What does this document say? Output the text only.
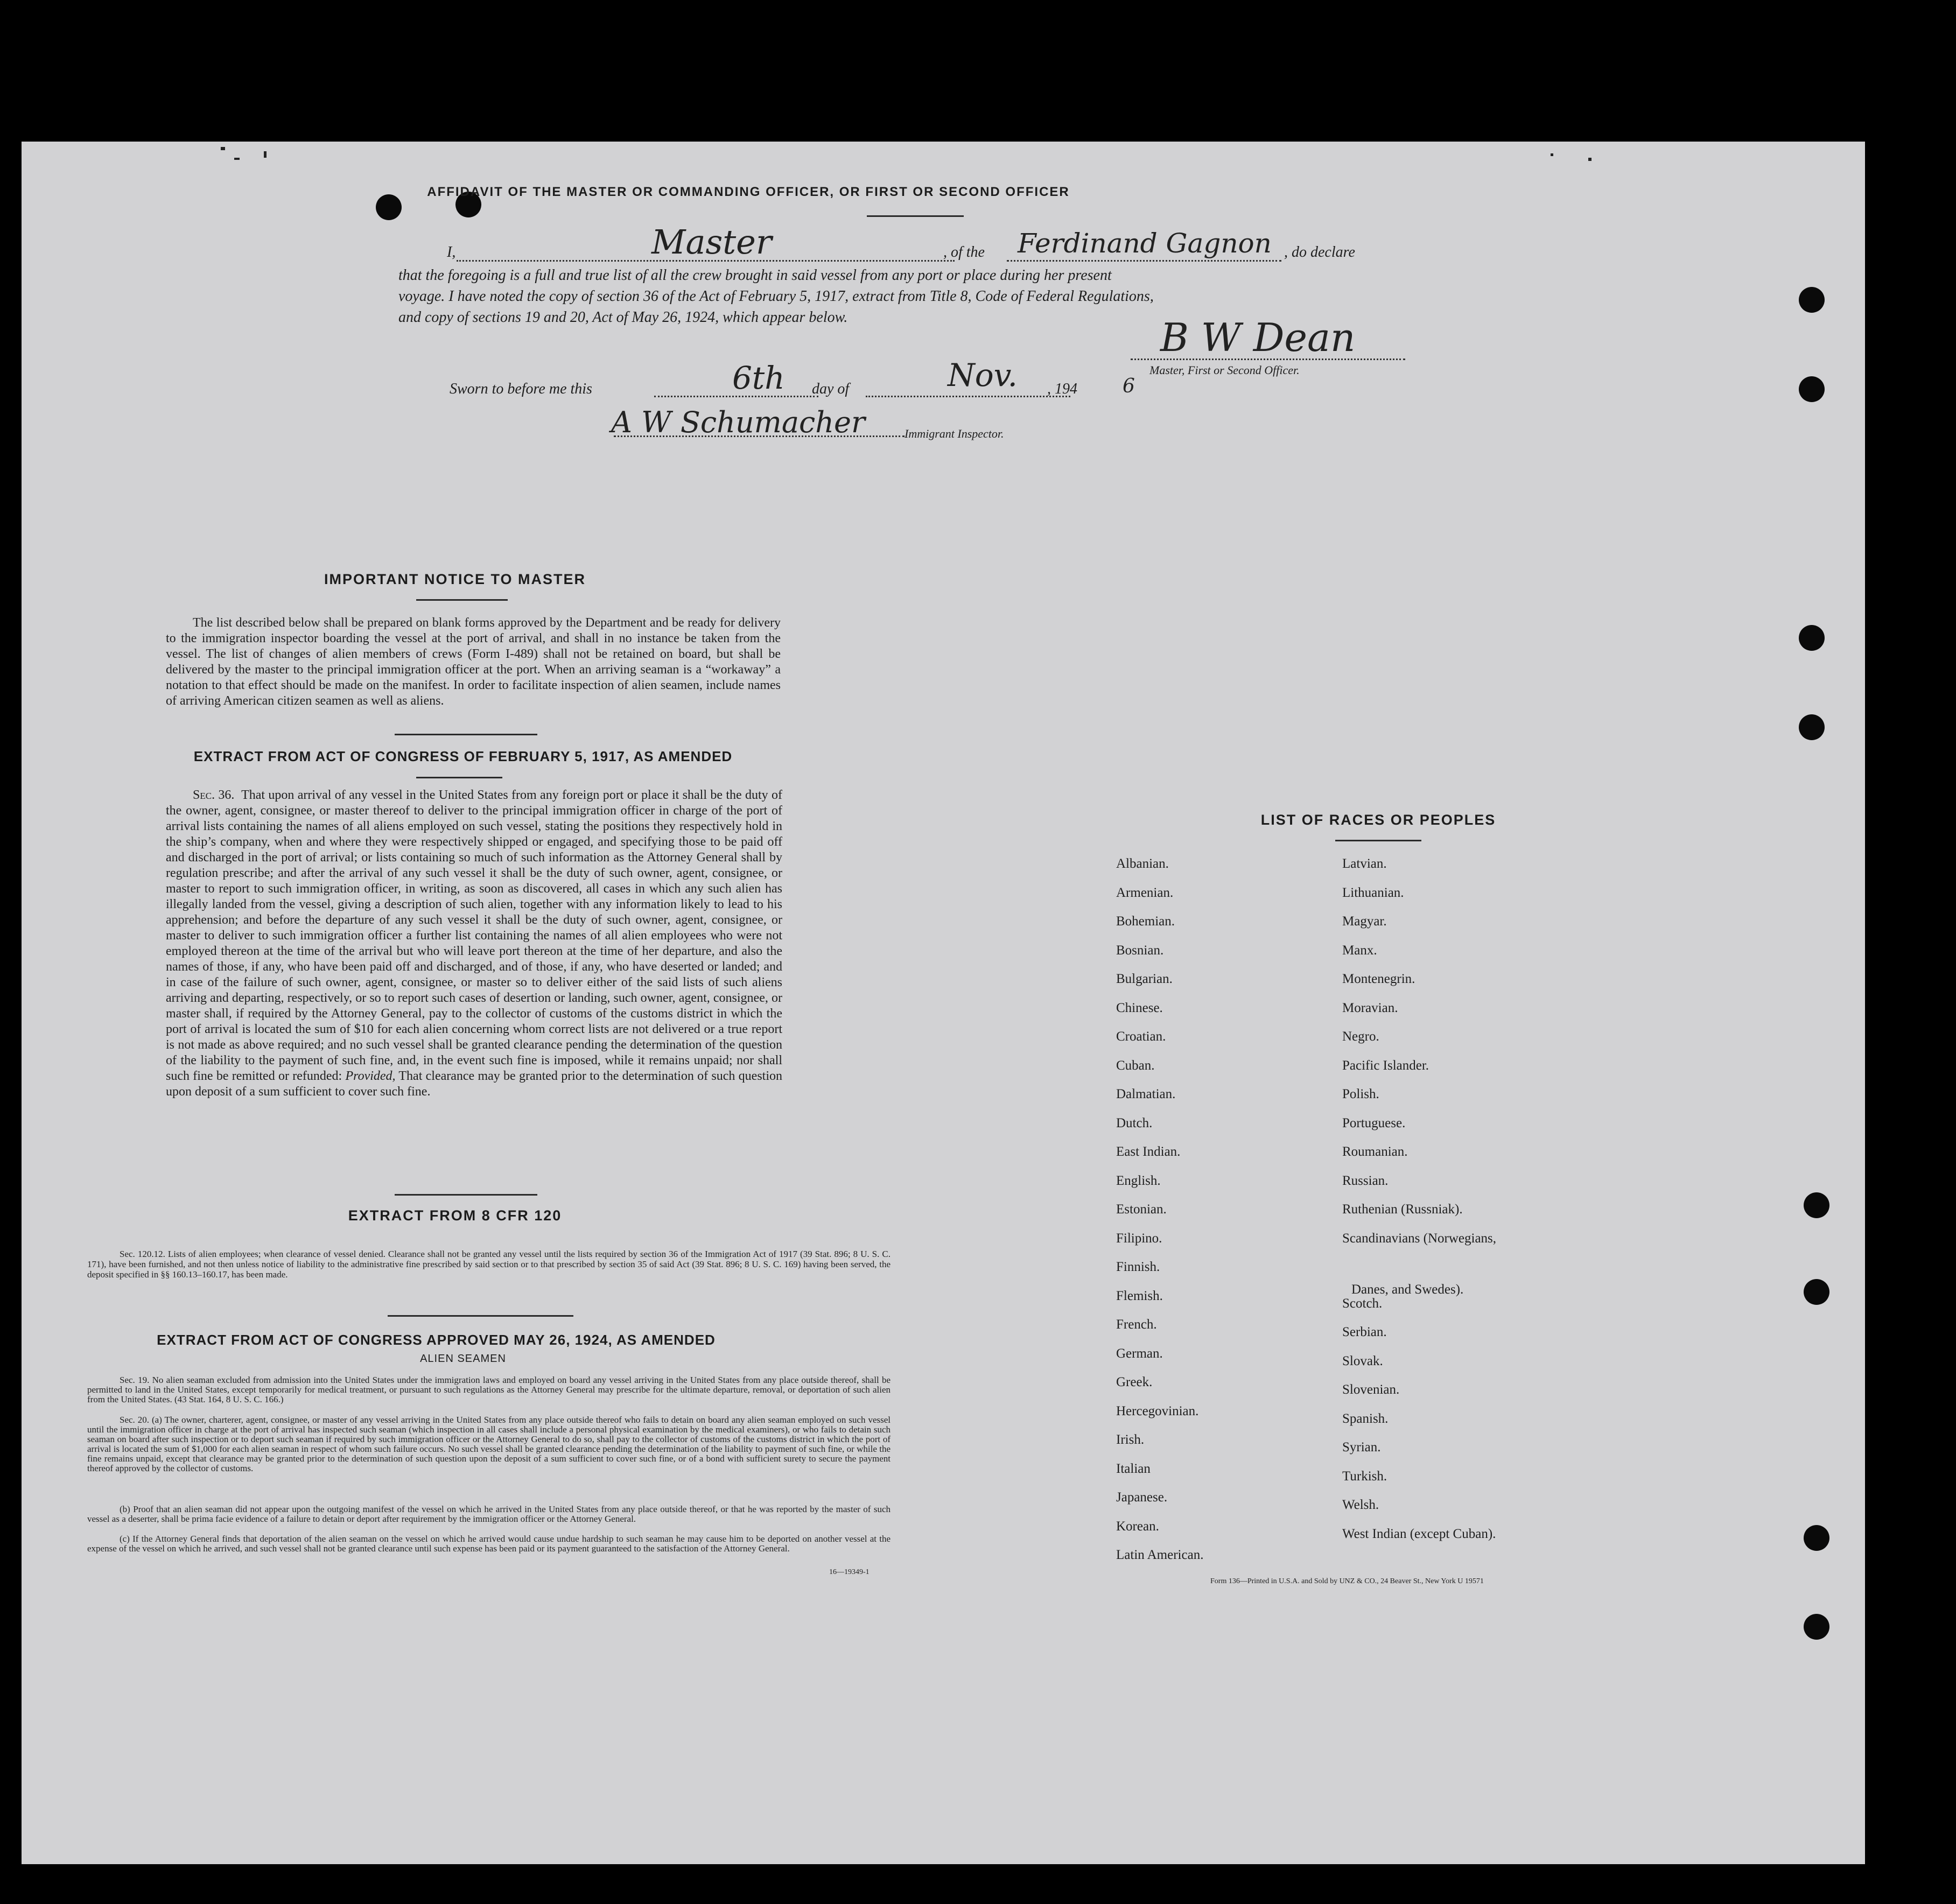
AFFIDAVIT OF THE MASTER OR COMMANDING OFFICER, OR FIRST OR SECOND OFFICER
I,	Master	, of the Ferdinand Gagnon , do declare
that the foregoing is a full and true list of all the crew brought in said vessel from any port or place during her present
voyage. I have noted the copy of section 36 of the Act of February 5, 1917, extract from Title 8, Code of Federal Regulations,
and copy of sections 19 and 20, Act of May 26, 1924, which appear below.	B W Dean
Master, First or Second Officer.
Sworn to before me this	6th day of	Nov. , 194 6
A W Schumacher	Immigrant Inspector.
IMPORTANT NOTICE TO MASTER
The list described below shall be prepared on blank forms approved by the Department and be ready for delivery to the immigration inspector boarding the vessel at the port of arrival, and shall in no instance be taken from the vessel. The list of changes of alien members of crews (Form I-489) shall not be retained on board, but shall be delivered by the master to the principal immigration officer at the port. When an arriving seaman is a “workaway” a notation to that effect should be made on the manifest. In order to facilitate inspection of alien seamen, include names of arriving American citizen seamen as well as aliens.
EXTRACT FROM ACT OF CONGRESS OF FEBRUARY 5, 1917, AS AMENDED
Sec. 36. That upon arrival of any vessel in the United States from any foreign port or place it shall be the duty of the owner, agent, consignee, or master thereof to deliver to the principal immigration officer in charge of the port of arrival lists containing the names of all aliens employed on such vessel, stating the positions they respectively hold in the ship’s company, when and where they were respectively shipped or engaged, and specifying those to be paid off and discharged in the port of arrival; or lists containing so much of such information as the Attorney General shall by regulation prescribe; and after the arrival of any such vessel it shall be the duty of such owner, agent, consignee, or master to report to such immigration officer, in writing, as soon as discovered, all cases in which any such alien has illegally landed from the vessel, giving a description of such alien, together with any information likely to lead to his apprehension; and before the departure of any such vessel it shall be the duty of such owner, agent, consignee, or master to deliver to such immigration officer a further list containing the names of all alien employees who were not employed thereon at the time of the arrival but who will leave port thereon at the time of her departure, and also the names of those, if any, who have been paid off and discharged, and of those, if any, who have deserted or landed; and in case of the failure of such owner, agent, consignee, or master so to deliver either of the said lists of such aliens arriving and departing, respectively, or so to report such cases of desertion or landing, such owner, agent, consignee, or master shall, if required by the Attorney General, pay to the collector of customs of the customs district in which the port of arrival is located the sum of $10 for each alien concerning whom correct lists are not delivered or a true report is not made as above required; and no such vessel shall be granted clearance pending the determination of the question of the liability to the payment of such fine, and, in the event such fine is imposed, while it remains unpaid; nor shall such fine be remitted or refunded: Provided, That clearance may be granted prior to the determination of such question upon deposit of a sum sufficient to cover such fine.
EXTRACT FROM 8 CFR 120
Sec. 120.12. Lists of alien employees; when clearance of vessel denied. Clearance shall not be granted any vessel until the lists required by section 36 of the Immigration Act of 1917 (39 Stat. 896; 8 U. S. C. 171), have been furnished, and not then unless notice of liability to the administrative fine prescribed by said section or to that prescribed by section 35 of said Act (39 Stat. 896; 8 U. S. C. 169) having been served, the deposit specified in §§ 160.13–160.17, has been made.
EXTRACT FROM ACT OF CONGRESS APPROVED MAY 26, 1924, AS AMENDED
ALIEN SEAMEN
Sec. 19. No alien seaman excluded from admission into the United States under the immigration laws and employed on board any vessel arriving in the United States from any place outside thereof, shall be permitted to land in the United States, except temporarily for medical treatment, or pursuant to such regulations as the Attorney General may prescribe for the ultimate departure, removal, or deportation of such alien from the United States. (43 Stat. 164, 8 U. S. C. 166.)
Sec. 20. (a) The owner, charterer, agent, consignee, or master of any vessel arriving in the United States from any place outside thereof who fails to detain on board any alien seaman employed on such vessel until the immigration officer in charge at the port of arrival has inspected such seaman (which inspection in all cases shall include a personal physical examination by the medical examiners), or who fails to detain such seaman on board after such inspection or to deport such seaman if required by such immigration officer or the Attorney General to do so, shall pay to the collector of customs of the customs district in which the port of arrival is located the sum of $1,000 for each alien seaman in respect of whom such failure occurs. No such vessel shall be granted clearance pending the determination of the liability to payment of such fine, or while the fine remains unpaid, except that clearance may be granted prior to the determination of such question upon the deposit of a sum sufficient to cover such fine, or of a bond with sufficient surety to secure the payment thereof approved by the collector of customs.
(b) Proof that an alien seaman did not appear upon the outgoing manifest of the vessel on which he arrived in the United States from any place outside thereof, or that he was reported by the master of such vessel as a deserter, shall be prima facie evidence of a failure to detain or deport after requirement by the immigration officer or the Attorney General.
(c) If the Attorney General finds that deportation of the alien seaman on the vessel on which he arrived would cause undue hardship to such seaman he may cause him to be deported on another vessel at the expense of the vessel on which he arrived, and such vessel shall not be granted clearance until such expense has been paid or its payment guaranteed to the satisfaction of the Attorney General.
16—19349-1
LIST OF RACES OR PEOPLES
Form 136—Printed in U.S.A. and Sold by UNZ & CO., 24 Beaver St., New York U 19571
Albanian.
Armenian.
Bohemian.
Bosnian.
Bulgarian.
Chinese.
Croatian.
Cuban.
Dalmatian.
Dutch.
East Indian.
English.
Estonian.
Filipino.
Finnish.
Flemish.
French.
German.
Greek.
Hercegovinian.
Irish.
Italian
Japanese.
Korean.
Latin American.
Latvian.
Lithuanian.
Magyar.
Manx.
Montenegrin.
Moravian.
Negro.
Pacific Islander.
Polish.
Portuguese.
Roumanian.
Russian.
Ruthenian (Russniak).
Scandinavians (Norwegians,
Danes, and Swedes).
Scotch.
Serbian.
Slovak.
Slovenian.
Spanish.
Syrian.
Turkish.
Welsh.
West Indian (except Cuban).
